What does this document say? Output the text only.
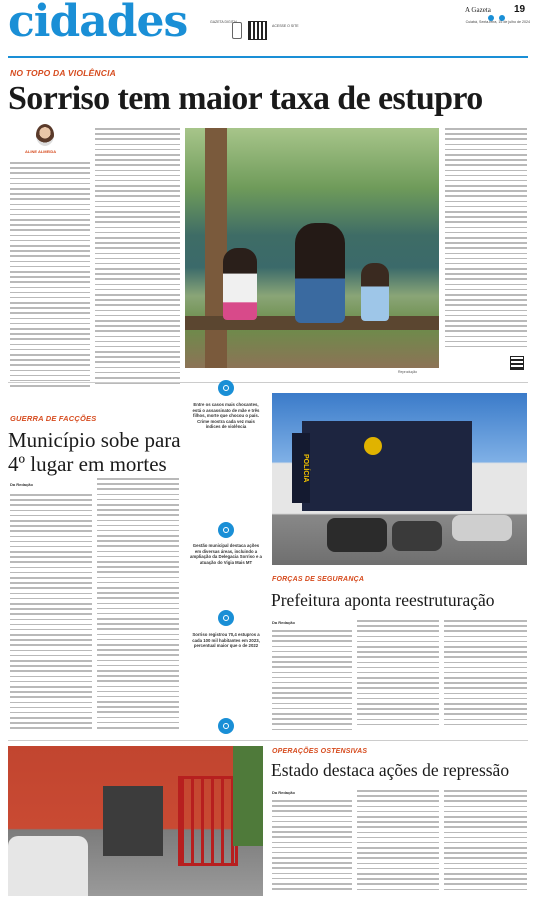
cidades	GAZETA DIGITAL
ACESSE O SITE
A Gazeta
19
Cuiabá, Sexta-feira, 15 de julho de 2024
NO TOPO DA VIOLÊNCIA
Sorriso tem maior taxa de estupro
ALINE ALMEIDA
Reprodução
GUERRA DE FACÇÕES
Município sobe para
4º lugar em mortes
Da Redação
Entre os casos mais chocantes, está o assassinato de mãe e três filhos, morte que chocou o país. Crime mostra cada vez mais índices de violência
Gestão municipal destaca ações em diversas áreas, incluindo a ampliação da Delegacia Sorriso e a atuação do Vigia Mais MT
Sorriso registrou 70,4 estupros a cada 100 mil habitantes em 2023, percentual maior que o de 2022
POLÍCIA
FORÇAS DE SEGURANÇA
Prefeitura aponta reestruturação
Da Redação
OPERAÇÕES OSTENSIVAS
Estado destaca ações de repressão
Da Redação
